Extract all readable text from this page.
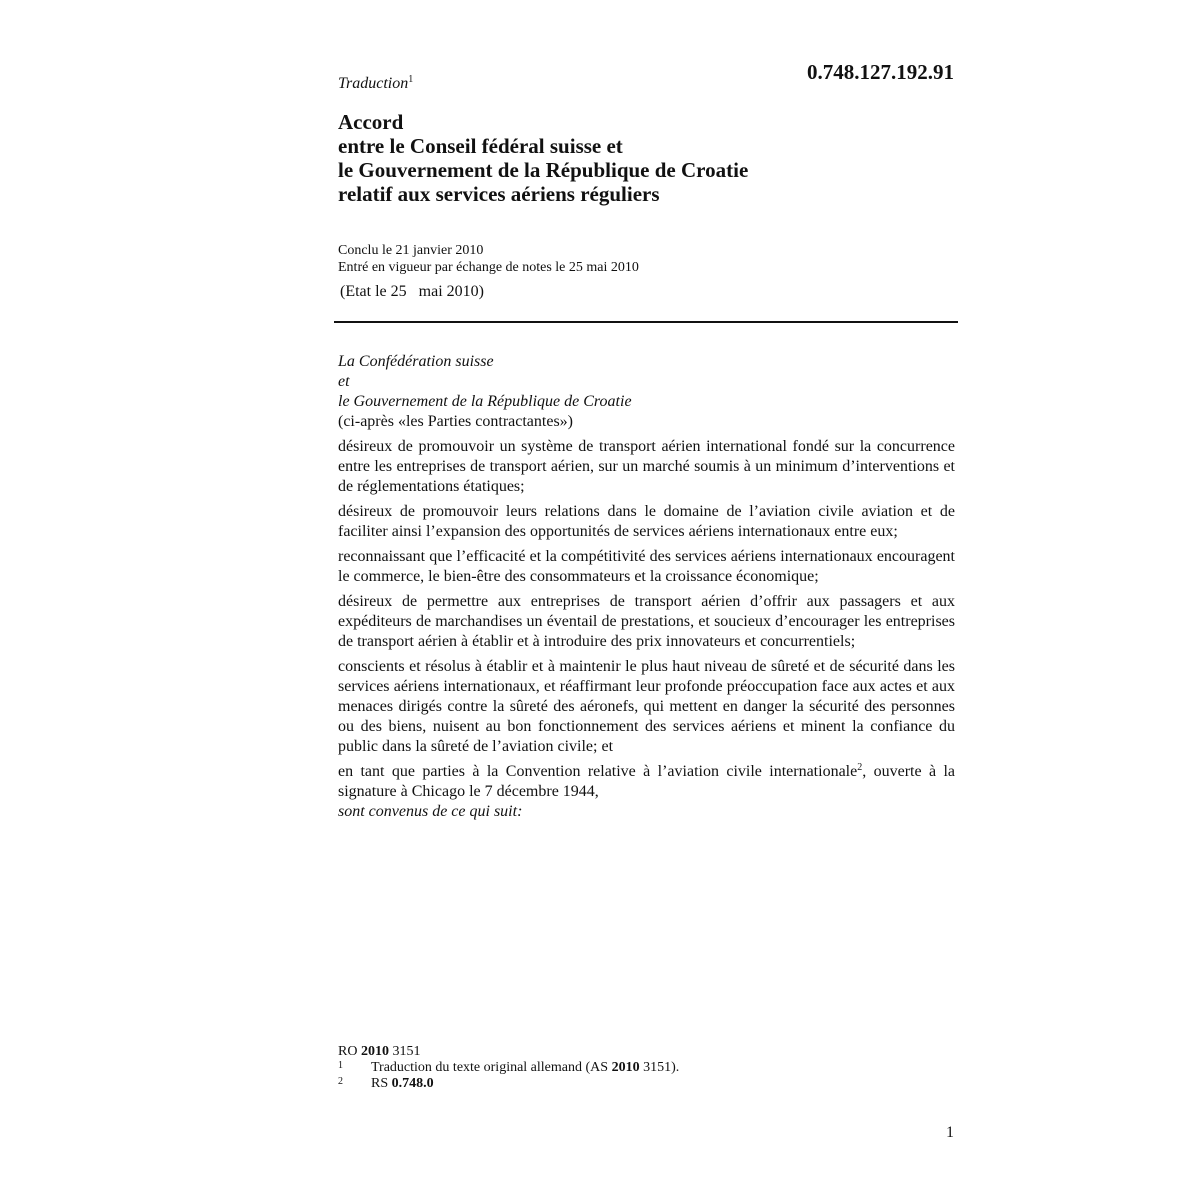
0.748.127.192.91
Traduction$^1$
Accord
entre le Conseil fédéral suisse et
le Gouvernement de la République de Croatie
relatif aux services aériens réguliers
Conclu le 21 janvier 2010
Entré en vigueur par échange de notes le 25 mai 2010
(Etat le 25   mai 2010)
La Confédération suisse
et
le Gouvernement de la République de Croatie
(ci-après «les Parties contractantes»)
désireux de promouvoir un système de transport aérien international fondé sur la concurrence entre les entreprises de transport aérien, sur un marché soumis à un minimum d’interventions et de réglementations étatiques;
désireux de promouvoir leurs relations dans le domaine de l’aviation civile aviation et de faciliter ainsi l’expansion des opportunités de services aériens internationaux entre eux;
reconnaissant que l’efficacité et la compétitivité des services aériens internationaux encouragent le commerce, le bien-être des consommateurs et la croissance économique;
désireux de permettre aux entreprises de transport aérien d’offrir aux passagers et aux expéditeurs de marchandises un éventail de prestations, et soucieux d’encourager les entreprises de transport aérien à établir et à introduire des prix innovateurs et concurrentiels;
conscients et résolus à établir et à maintenir le plus haut niveau de sûreté et de sécurité dans les services aériens internationaux, et réaffirmant leur profonde préoccupation face aux actes et aux menaces dirigés contre la sûreté des aéronefs, qui mettent en danger la sécurité des personnes ou des biens, nuisent au bon fonctionnement des services aériens et minent la confiance du public dans la sûreté de l’aviation civile; et
en tant que parties à la Convention relative à l’aviation civile internationale$^2$, ouverte à la signature à Chicago le 7 décembre 1944,
sont convenus de ce qui suit:
RO 2010 3151
1	Traduction du texte original allemand (AS 2010 3151).
2	RS 0.748.0
1
